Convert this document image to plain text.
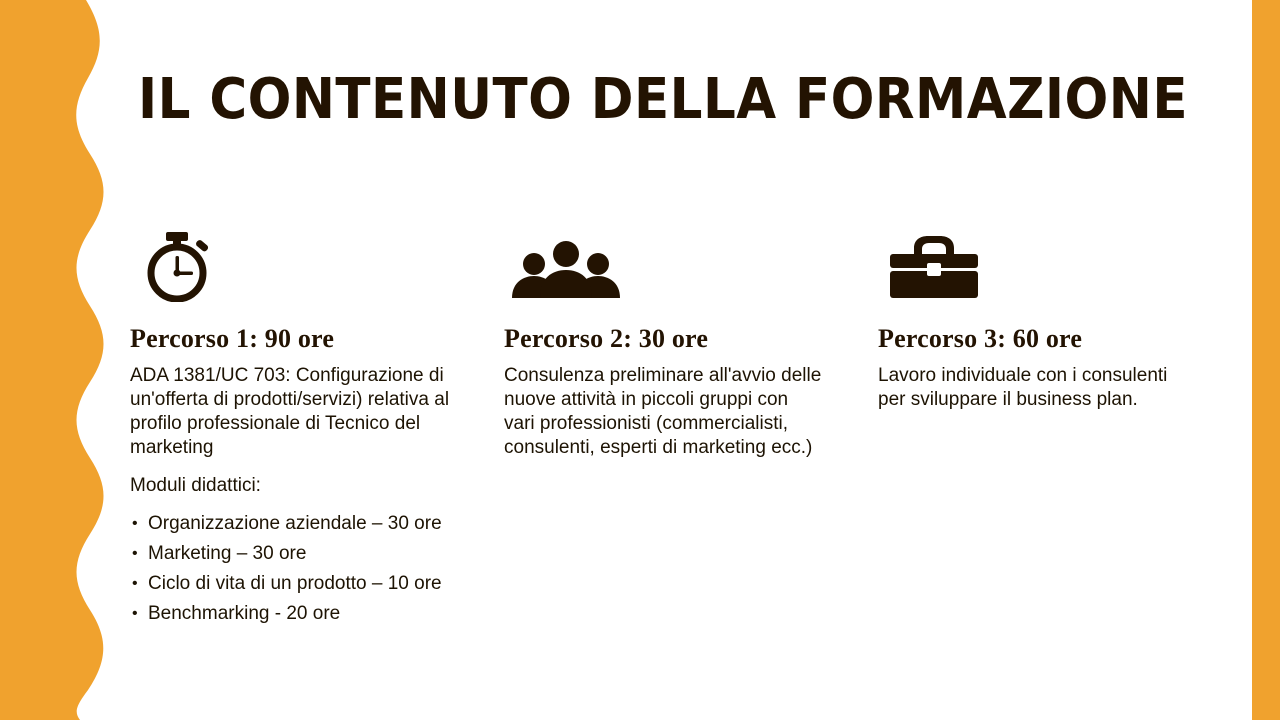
IL CONTENUTO DELLA FORMAZIONE
Percorso 1: 90 ore

ADA 1381/UC 703: Configurazione di un'offerta di prodotti/servizi) relativa al profilo professionale di Tecnico del marketing

Moduli didattici:

• Organizzazione aziendale – 30 ore
• Marketing – 30 ore
• Ciclo di vita di un prodotto – 10 ore
• Benchmarking - 20 ore
Percorso 2: 30 ore

Consulenza preliminare all'avvio delle nuove attività in piccoli gruppi con vari professionisti (commercialisti, consulenti, esperti di marketing ecc.)

Percorso 3: 60 ore

Lavoro individuale con i consulenti per sviluppare il business plan.
